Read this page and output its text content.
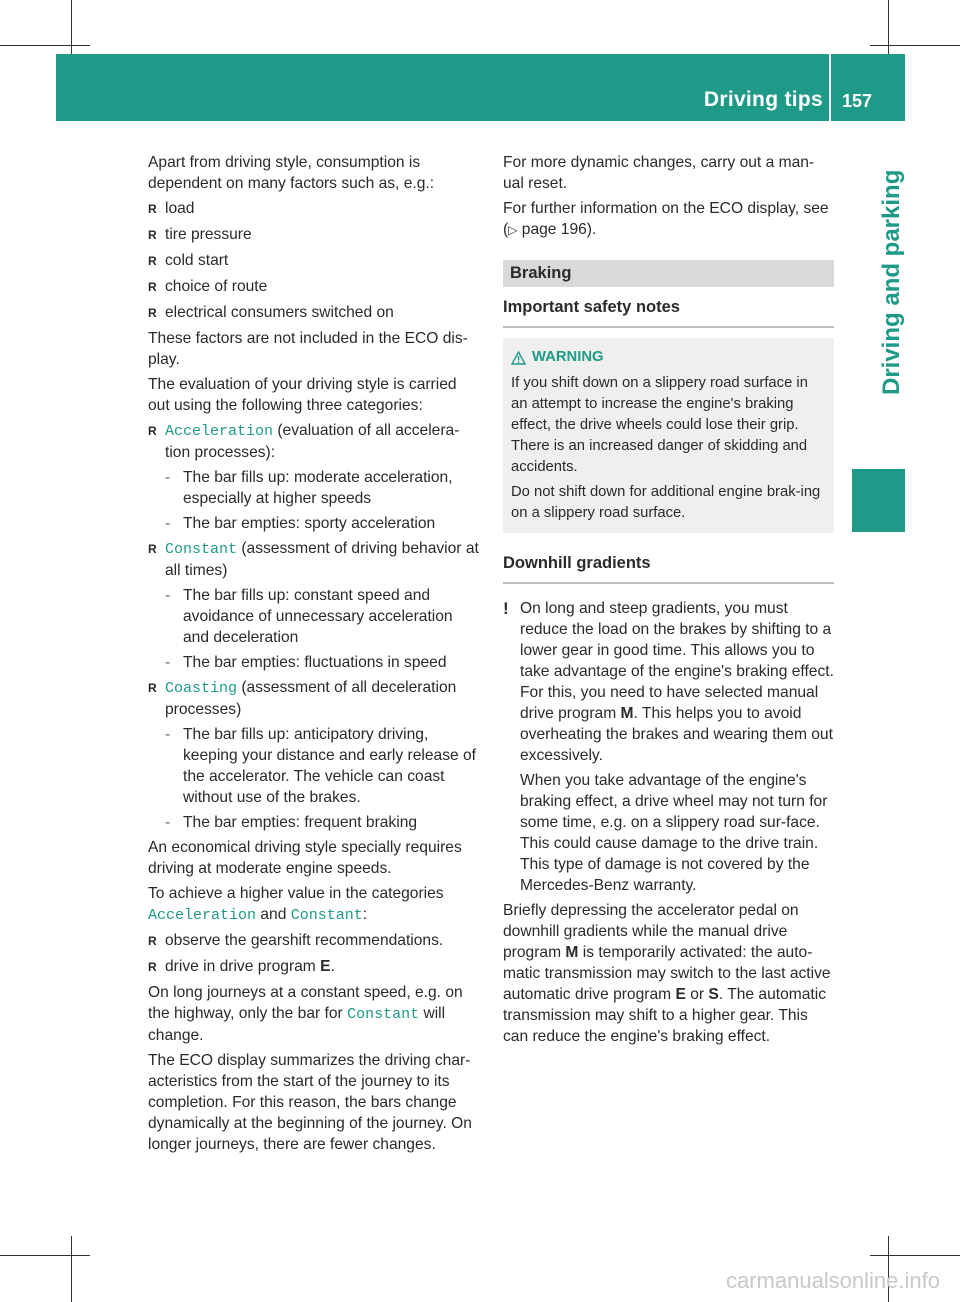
Driving tips 157
Driving and parking

Apart from driving style, consumption is dependent on many factors such as, e.g.:

R load
R tire pressure
R cold start
R choice of route
R electrical consumers switched on

These factors are not included in the ECO dis-play.

The evaluation of your driving style is carried out using the following three categories:

R Acceleration (evaluation of all accelera-tion processes):
- The bar fills up: moderate acceleration, especially at higher speeds
- The bar empties: sporty acceleration
R Constant (assessment of driving behavior at all times)
- The bar fills up: constant speed and avoidance of unnecessary acceleration and deceleration
- The bar empties: fluctuations in speed
R Coasting (assessment of all deceleration processes)
- The bar fills up: anticipatory driving, keeping your distance and early release of the accelerator. The vehicle can coast without use of the brakes.
- The bar empties: frequent braking

An economical driving style specially requires driving at moderate engine speeds.

To achieve a higher value in the categories Acceleration and Constant:

R observe the gearshift recommendations.
R drive in drive program E.

On long journeys at a constant speed, e.g. on the highway, only the bar for Constant will change.

The ECO display summarizes the driving char-acteristics from the start of the journey to its completion. For this reason, the bars change dynamically at the beginning of the journey. On longer journeys, there are fewer changes.

For more dynamic changes, carry out a man-ual reset.

For further information on the ECO display, see (▷ page 196).

Braking
Important safety notes
WARNING

If you shift down on a slippery road surface in an attempt to increase the engine's braking effect, the drive wheels could lose their grip. There is an increased danger of skidding and accidents.

Do not shift down for additional engine brak-ing on a slippery road surface.

Downhill gradients
! On long and steep gradients, you must reduce the load on the brakes by shifting to a lower gear in good time. This allows you to take advantage of the engine's braking effect. For this, you need to have selected manual drive program M. This helps you to avoid overheating the brakes and wearing them out excessively.

When you take advantage of the engine's braking effect, a drive wheel may not turn for some time, e.g. on a slippery road sur-face. This could cause damage to the drive train. This type of damage is not covered by the Mercedes-Benz warranty.

Briefly depressing the accelerator pedal on downhill gradients while the manual drive program M is temporarily activated: the auto-matic transmission may switch to the last active automatic drive program E or S. The automatic transmission may shift to a higher gear. This can reduce the engine's braking effect.

carmanualsonline.info
